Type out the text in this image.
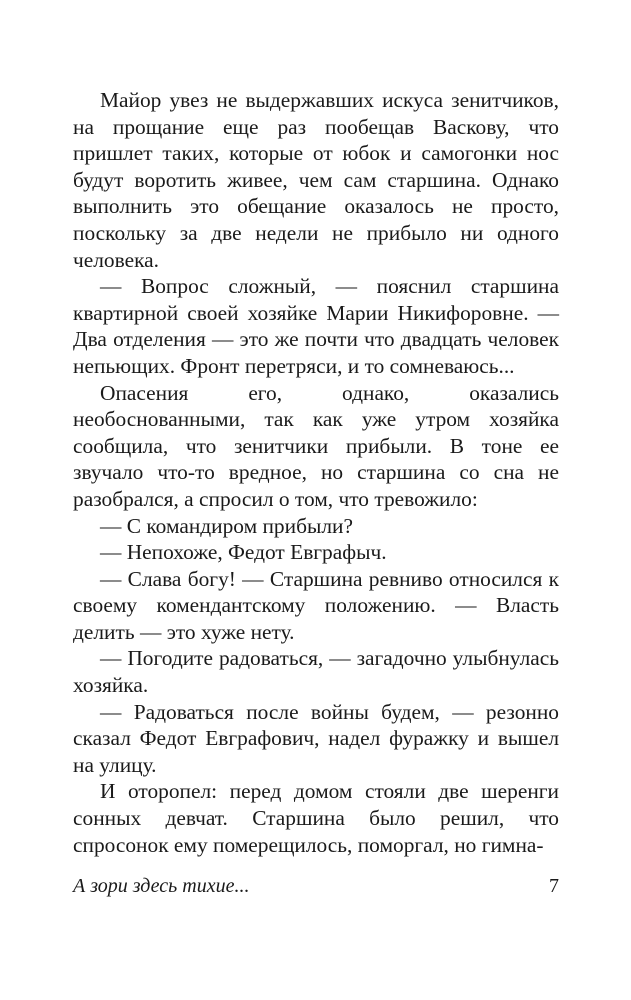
Майор увез не выдержавших искуса зенитчиков, на прощание еще раз пообещав Васкову, что пришлет таких, которые от юбок и самогонки нос будут воротить живее, чем сам старшина. Однако выполнить это обещание оказалось не просто, поскольку за две недели не прибыло ни одного человека.

— Вопрос сложный, — пояснил старшина квартирной своей хозяйке Марии Никифоровне. — Два отделения — это же почти что двадцать человек непьющих. Фронт перетряси, и то сомневаюсь...

Опасения его, однако, оказались необоснованными, так как уже утром хозяйка сообщила, что зенитчики прибыли. В тоне ее звучало что-то вредное, но старшина со сна не разобрался, а спросил о том, что тревожило:

— С командиром прибыли?

— Непохоже, Федот Евграфыч.

— Слава богу! — Старшина ревниво относился к своему комендантскому положению. — Власть делить — это хуже нету.

— Погодите радоваться, — загадочно улыбнулась хозяйка.

— Радоваться после войны будем, — резонно сказал Федот Евграфович, надел фуражку и вышел на улицу.

И оторопел: перед домом стояли две шеренги сонных девчат. Старшина было решил, что спросонок ему померещилось, поморгал, но гимна-

А зори здесь тихие...	7
